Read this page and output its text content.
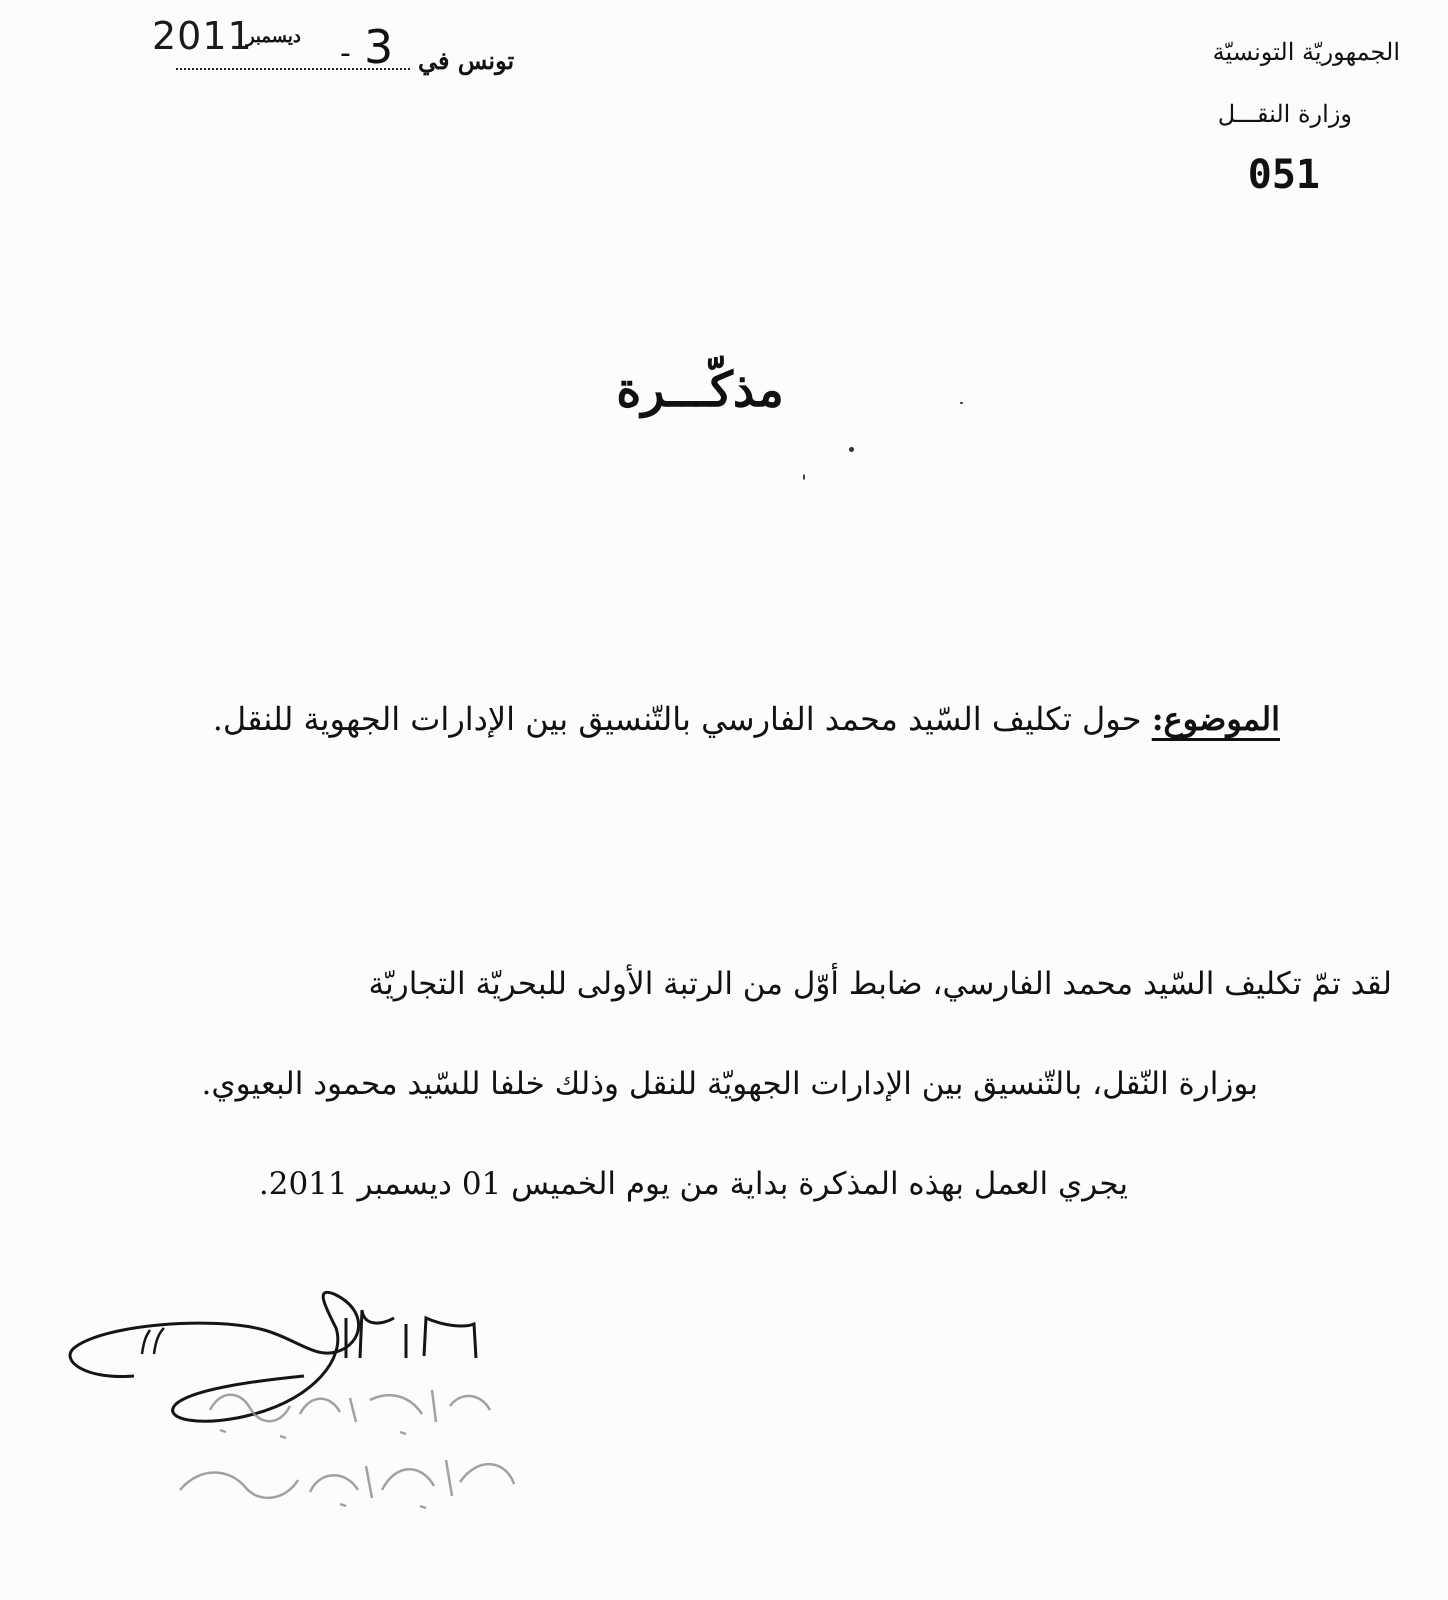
الجمهوريّة التونسيّة
وزارة النقـــل
051
تونس في
2011
ديسمبر - 3
مذكّـــرة
الموضوع: حول تكليف السّيد محمد الفارسي بالتّنسيق بين الإدارات الجهوية للنقل.
لقد تمّ تكليف السّيد محمد الفارسي، ضابط أوّل من الرتبة الأولى للبحريّة التجاريّة
بوزارة النّقل، بالتّنسيق بين الإدارات الجهويّة للنقل وذلك خلفا للسّيد محمود البعيوي.
يجري العمل بهذه المذكرة بداية من يوم الخميس 01 ديسمبر 2011.
